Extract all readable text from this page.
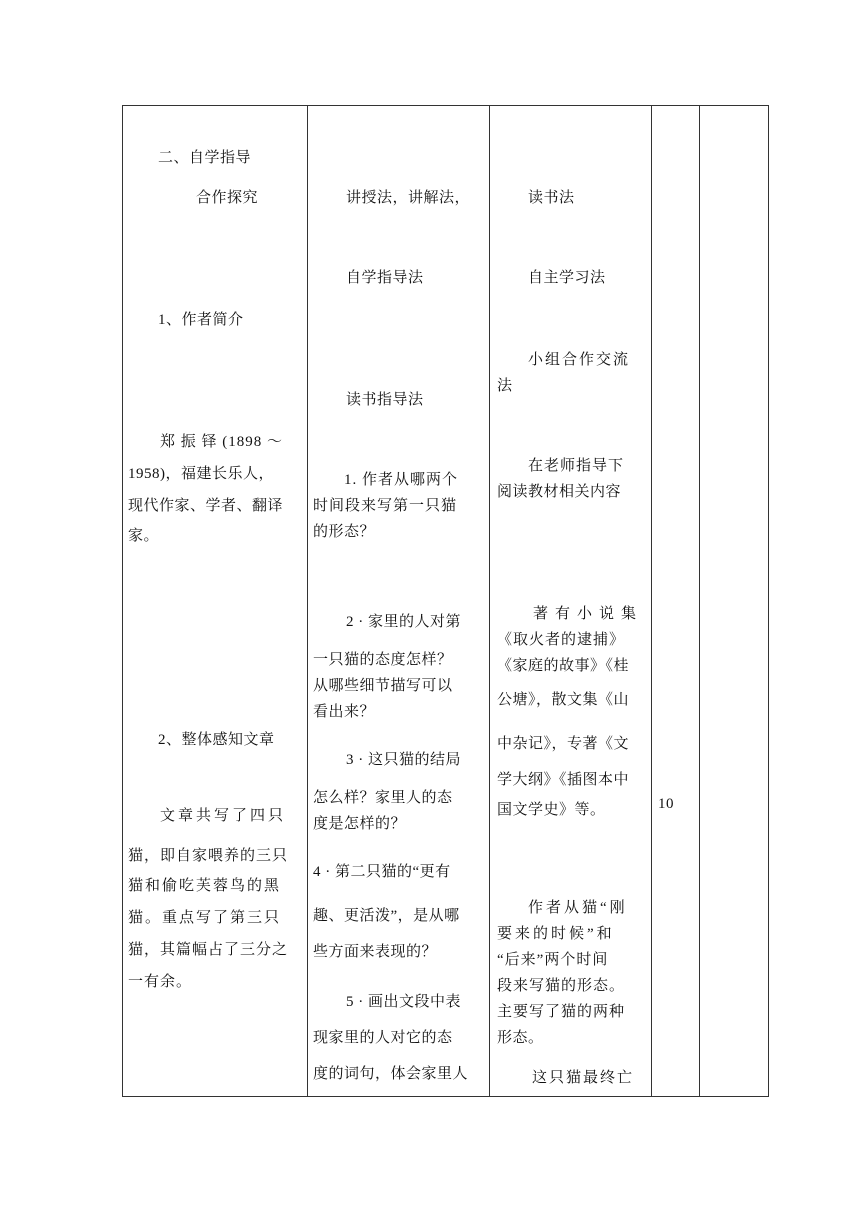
二、自学指导
合作探究
1、作者简介
郑 振 铎 (1898 ～
1958)，福建长乐人，
现代作家、学者、翻译
家。
2、整体感知文章
文章共写了四只
猫，即自家喂养的三只
猫和偷吃芙蓉鸟的黑
猫。重点写了第三只
猫，其篇幅占了三分之
一有余。
讲授法，讲解法，
自学指导法
读书指导法
1. 作者从哪两个
时间段来写第一只猫
的形态？
2 · 家里的人对第
一只猫的态度怎样？
从哪些细节描写可以
看出来？
3 · 这只猫的结局
怎么样？家里人的态
度是怎样的？
4 · 第二只猫的“更有
趣、更活泼”，是从哪
些方面来表现的？
5 · 画出文段中表
现家里的人对它的态
度的词句，体会家里人
读书法
自主学习法
小组合作交流
法
在老师指导下
阅读教材相关内容
著有小说集
《取火者的逮捕》
《家庭的故事》《桂
公塘》，散文集《山
中杂记》，专著《文
学大纲》《插图本中
国文学史》等。
作者从猫“刚
要来的时候”和
“后来”两个时间
段来写猫的形态。
主要写了猫的两种
形态。
这只猫最终亡
10
